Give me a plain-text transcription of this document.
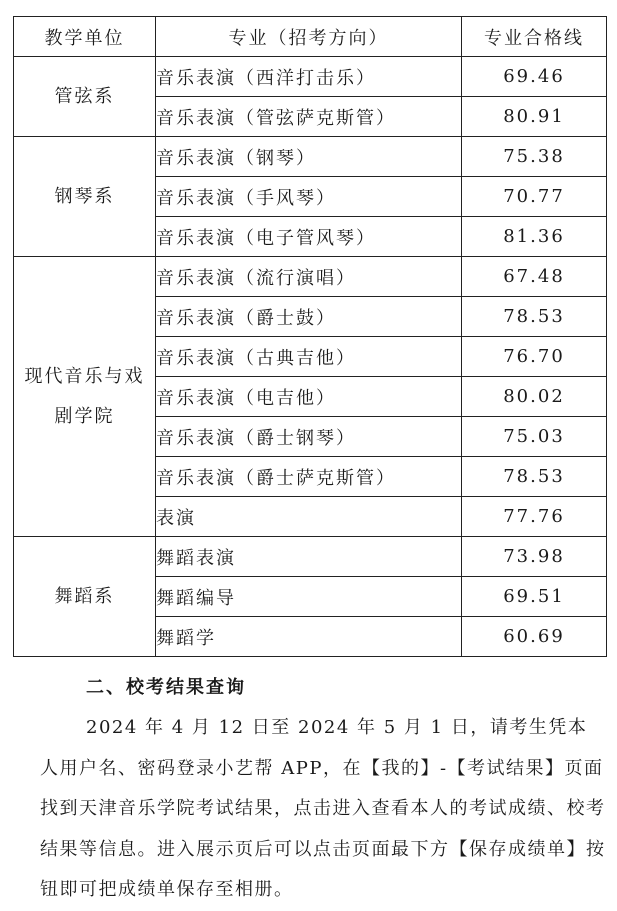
教学单位	专业（招考方向）	专业合格线
管弦系	音乐表演（西洋打击乐）	69.46
	音乐表演（管弦萨克斯管）	80.91
钢琴系	音乐表演（钢琴）	75.38
	音乐表演（手风琴）	70.77
	音乐表演（电子管风琴）	81.36
现代音乐与戏剧学院	音乐表演（流行演唱）	67.48
	音乐表演（爵士鼓）	78.53
	音乐表演（古典吉他）	76.70
	音乐表演（电吉他）	80.02
	音乐表演（爵士钢琴）	75.03
	音乐表演（爵士萨克斯管）	78.53
	表演	77.76
舞蹈系	舞蹈表演	73.98
	舞蹈编导	69.51
	舞蹈学	60.69
二、校考结果查询

2024 年 4 月 12 日至 2024 年 5 月 1 日，请考生凭本人用户名、密码登录小艺帮 APP，在【我的】-【考试结果】页面找到天津音乐学院考试结果，点击进入查看本人的考试成绩、校考结果等信息。进入展示页后可以点击页面最下方【保存成绩单】按钮即可把成绩单保存至相册。
